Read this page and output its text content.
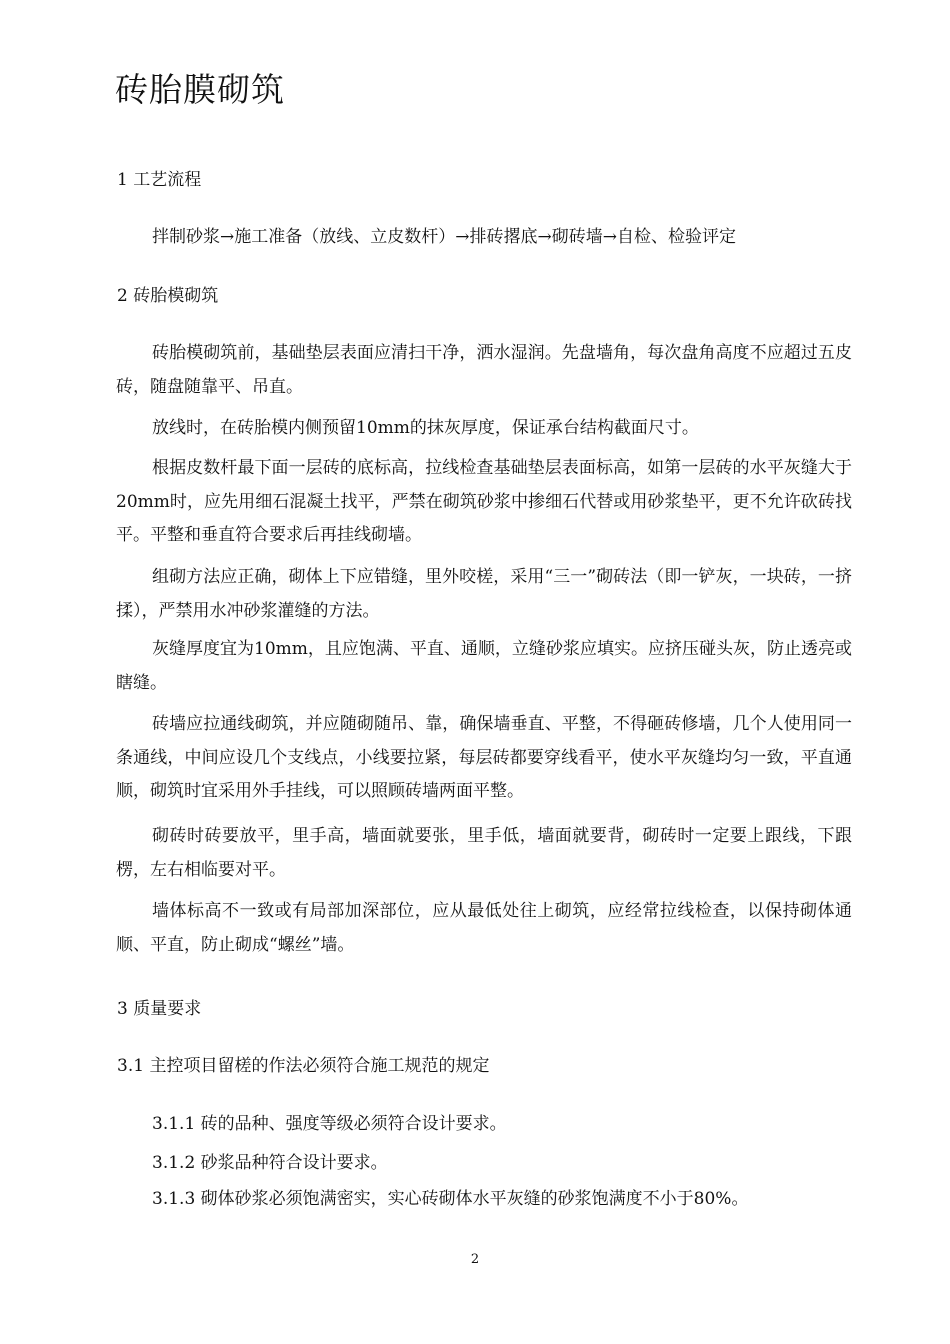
砖胎膜砌筑

1 工艺流程

拌制砂浆→施工准备（放线、立皮数杆）→排砖撂底→砌砖墙→自检、检验评定

2 砖胎模砌筑

砖胎模砌筑前，基础垫层表面应清扫干净，洒水湿润。先盘墙角，每次盘角高度不应超过五皮砖，随盘随靠平、吊直。

放线时，在砖胎模内侧预留10mm的抹灰厚度，保证承台结构截面尺寸。

根据皮数杆最下面一层砖的底标高，拉线检查基础垫层表面标高，如第一层砖的水平灰缝大于20mm时，应先用细石混凝土找平，严禁在砌筑砂浆中掺细石代替或用砂浆垫平，更不允许砍砖找平。平整和垂直符合要求后再挂线砌墙。

组砌方法应正确，砌体上下应错缝，里外咬槎，采用“三一”砌砖法（即一铲灰，一块砖，一挤揉），严禁用水冲砂浆灌缝的方法。

灰缝厚度宜为10mm，且应饱满、平直、通顺，立缝砂浆应填实。应挤压碰头灰，防止透亮或瞎缝。

砖墙应拉通线砌筑，并应随砌随吊、靠，确保墙垂直、平整，不得砸砖修墙，几个人使用同一条通线，中间应设几个支线点，小线要拉紧，每层砖都要穿线看平，使水平灰缝均匀一致，平直通顺，砌筑时宜采用外手挂线，可以照顾砖墙两面平整。

砌砖时砖要放平，里手高，墙面就要张，里手低，墙面就要背，砌砖时一定要上跟线，下跟楞，左右相临要对平。

墙体标高不一致或有局部加深部位，应从最低处往上砌筑，应经常拉线检查，以保持砌体通顺、平直，防止砌成“螺丝”墙。

3 质量要求

3.1 主控项目留槎的作法必须符合施工规范的规定

3.1.1 砖的品种、强度等级必须符合设计要求。

3.1.2 砂浆品种符合设计要求。

3.1.3 砌体砂浆必须饱满密实，实心砖砌体水平灰缝的砂浆饱满度不小于80%。

2
